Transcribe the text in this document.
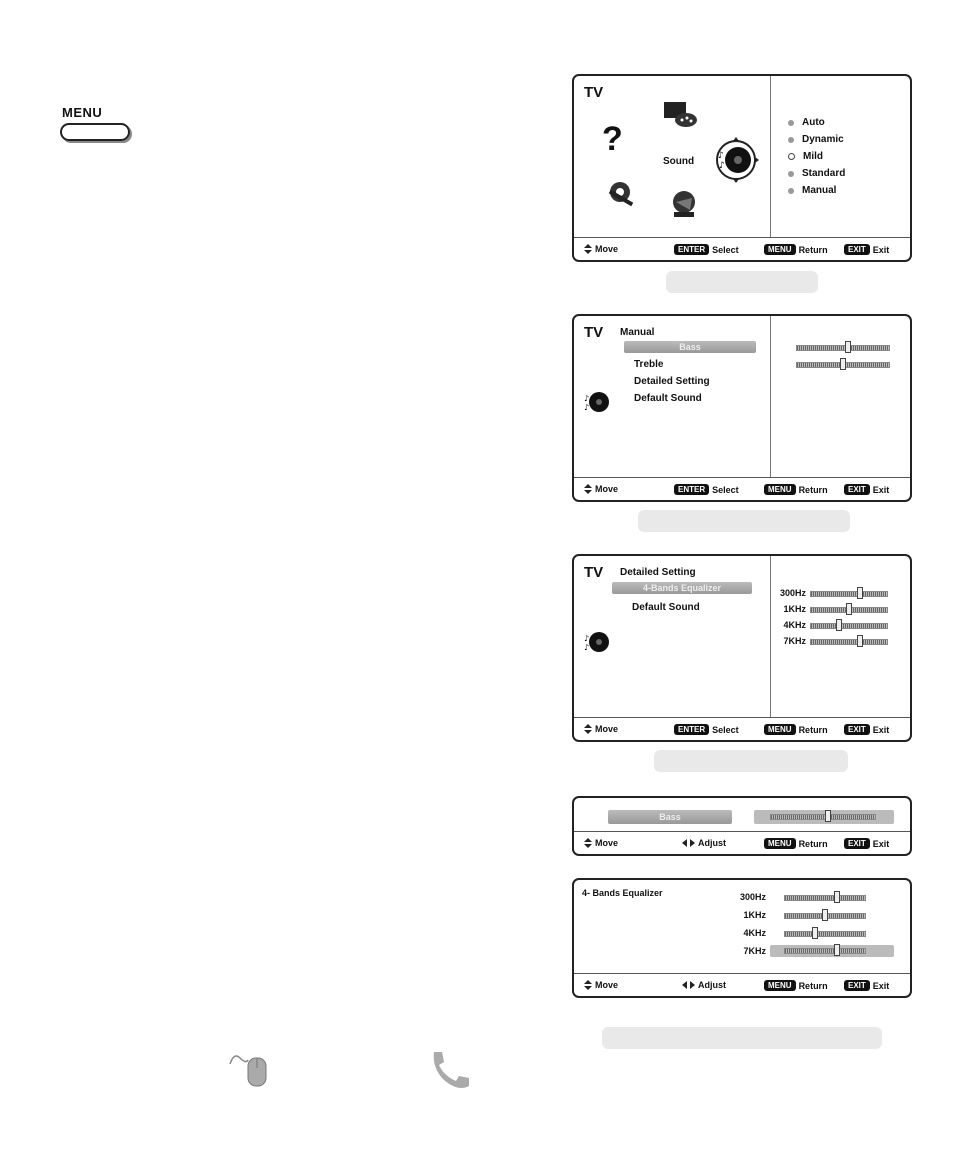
MENU
TV
?
Sound	♪
♪
Auto
Dynamic
Mild
Standard
Manual
Move	ENTER Select	MENU Return	EXIT Exit
TV Manual
Bass
Treble
Detailed Setting
Default Sound
♪
♪
Move	ENTER Select	MENU Return	EXIT Exit
TV Detailed Setting
4-Bands Equalizer
Default Sound
♪
♪
300Hz
1KHz
4KHz
7KHz
Move	ENTER Select	MENU Return	EXIT Exit
Bass
Move	Adjust	MENU Return	EXIT Exit
4- Bands Equalizer	300Hz
1KHz
4KHz
7KHz
Move	Adjust	MENU Return	EXIT Exit
